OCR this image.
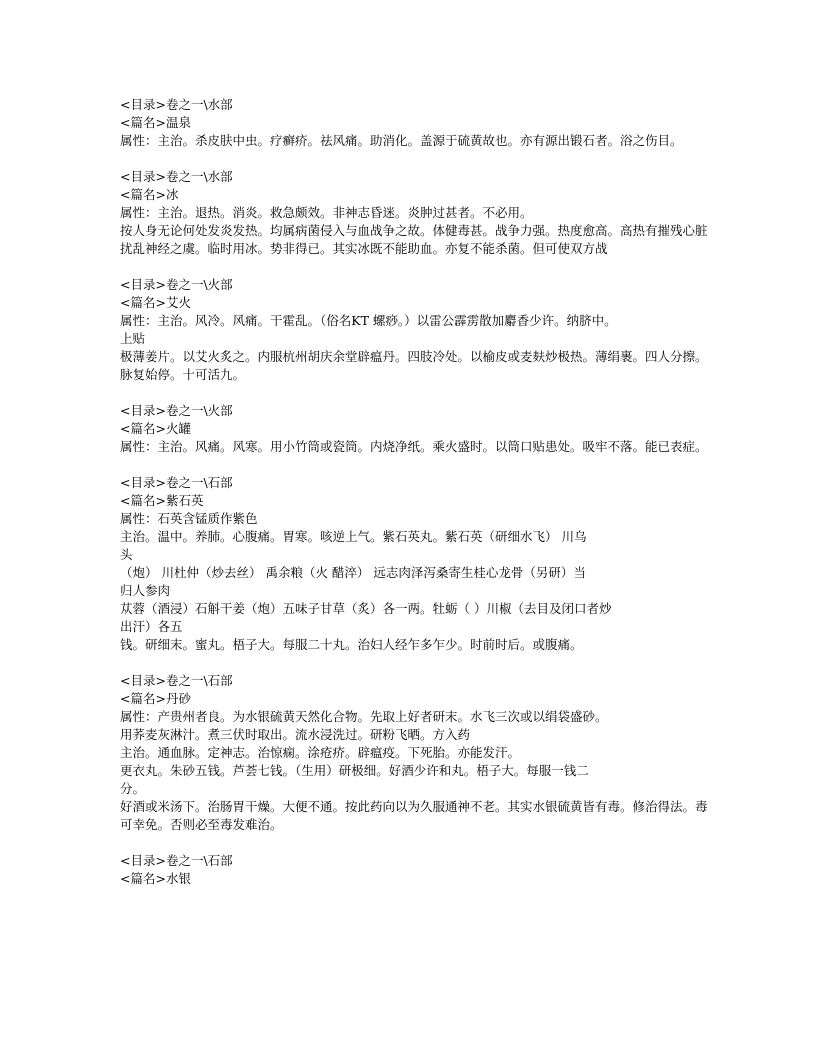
<目录>卷之一\水部
<篇名>温泉
属性：主治。杀皮肤中虫。疗癣疥。祛风痛。助消化。盖源于硫黄故也。亦有源出锻石者。浴之伤目。
<目录>卷之一\水部
<篇名>冰
属性：主治。退热。消炎。救急颇效。非神志昏迷。炎肿过甚者。不必用。
按人身无论何处发炎发热。均属病菌侵入与血战争之故。体健毒甚。战争力强。热度愈高。高热有摧残心脏扰乱神经之虞。临时用冰。势非得已。其实冰既不能助血。亦复不能杀菌。但可使双方战
<目录>卷之一\火部
<篇名>艾火
属性：主治。风冷。风痛。干霍乱。（俗名KT 螺痧。）以雷公霹雳散加麝香少许。纳脐中。
上贴
极薄姜片。以艾火炙之。内服杭州胡庆余堂辟瘟丹。四肢冷处。以榆皮或麦麸炒极热。薄绢裹。四人分擦。脉复始停。十可活九。
<目录>卷之一\火部
<篇名>火罐
属性：主治。风痛。风寒。用小竹筒或瓷筒。内烧净纸。乘火盛时。以筒口贴患处。吸牢不落。能已表症。
<目录>卷之一\石部
<篇名>紫石英
属性：石英含锰质作紫色
主治。温中。养肺。心腹痛。胃寒。咳逆上气。紫石英丸。紫石英（研细水飞） 川乌
头
（炮） 川杜仲（炒去丝） 禹余粮（火 醋淬） 远志肉泽泻桑寄生桂心龙骨（另研）当
归人参肉
苁蓉（酒浸）石斛干姜（炮）五味子甘草（炙）各一两。牡蛎（ ）川椒（去目及闭口者炒
出汗）各五
钱。研细末。蜜丸。梧子大。每服二十丸。治妇人经乍多乍少。时前时后。或腹痛。
<目录>卷之一\石部
<篇名>丹砂
属性：产贵州者良。为水银硫黄天然化合物。先取上好者研末。水飞三次或以绢袋盛砂。
用荞麦灰淋汁。煮三伏时取出。流水浸洗过。研粉飞晒。方入药
主治。通血脉。定神志。治惊痫。涂疮疥。辟瘟疫。下死胎。亦能发汗。
更衣丸。朱砂五钱。芦荟七钱。（生用）研极细。好酒少许和丸。梧子大。每服一钱二
分。
好酒或米汤下。治肠胃干燥。大便不通。按此药向以为久服通神不老。其实水银硫黄皆有毒。修治得法。毒可幸免。否则必至毒发难治。
<目录>卷之一\石部
<篇名>水银
